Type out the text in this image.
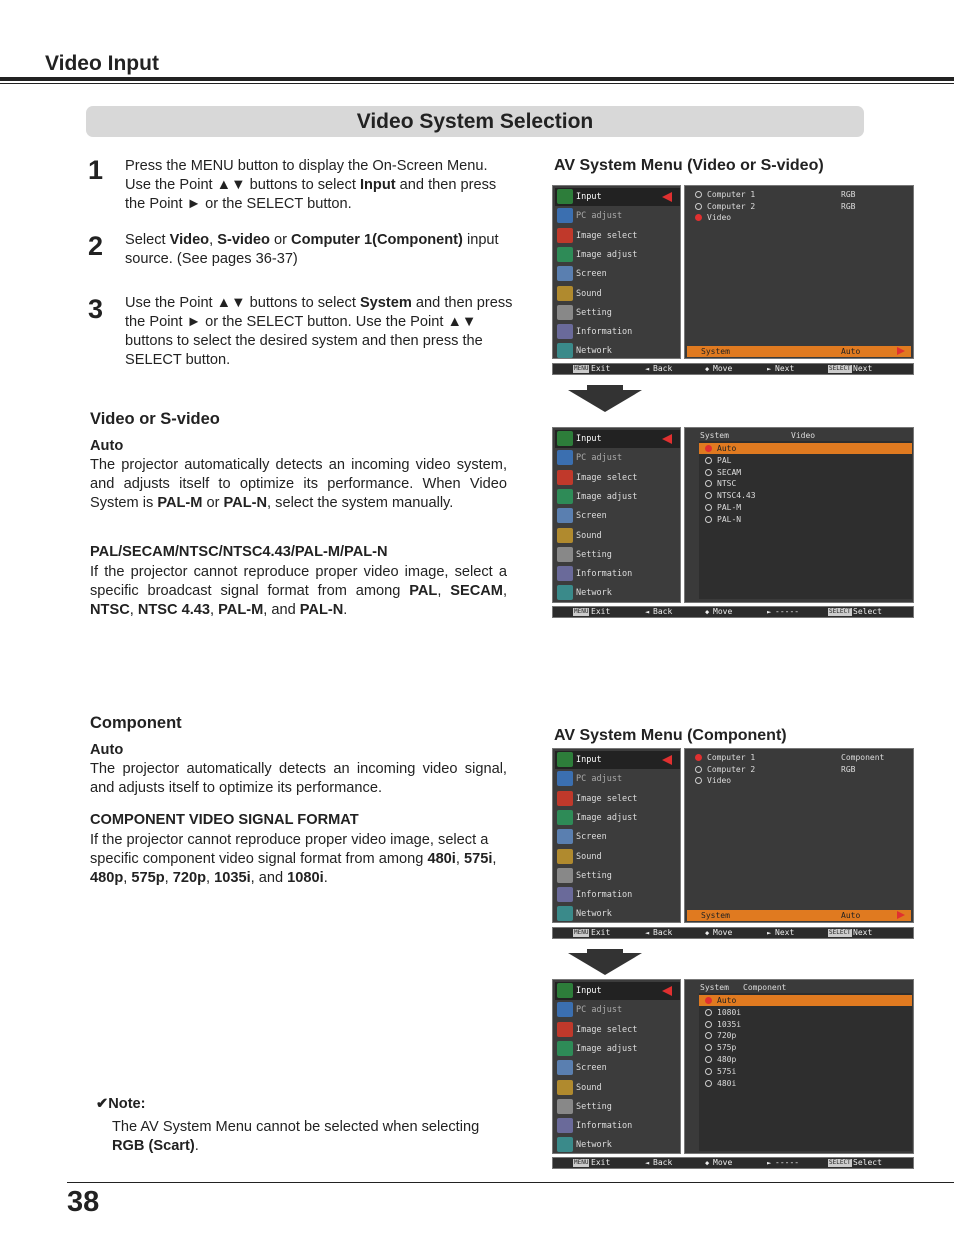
Video Input
Video System Selection
1 Press the MENU button to display the On-Screen Menu. Use the Point ▲▼ buttons to select Input and then press the Point ► or the SELECT button.
2 Select Video, S-video or Computer 1(Component) input source. (See pages 36-37)
3 Use the Point ▲▼ buttons to select System and then press the Point ► or the SELECT button. Use the Point ▲▼ buttons to select the desired system and then press the SELECT button.
Video or S-video
Auto
The projector automatically detects an incoming video system, and adjusts itself to optimize its performance. When Video System is PAL-M or PAL-N, select the system manually.
PAL/SECAM/NTSC/NTSC4.43/PAL-M/PAL-N
If the projector cannot reproduce proper video image, select a specific broadcast signal format from among PAL, SECAM, NTSC, NTSC 4.43, PAL-M, and PAL-N.
Component
Auto
The projector automatically detects an incoming video signal, and adjusts itself to optimize its performance.
COMPONENT VIDEO SIGNAL FORMAT
If the projector cannot reproduce proper video image, select a specific component video signal format from among 480i, 575i, 480p, 575p, 720p, 1035i, and 1080i.
AV System Menu (Video or S-video)
AV System Menu (Component)
Input
PC adjust
Image select
Image adjust
Screen
Sound
Setting
Information
Network
Computer 1	RGB
Computer 2	RGB
Video
System	Auto
Exit	Back	Move	Next	Next
MENU	SELECT
◄	◆	►
Input
PC adjust
Image select
Image adjust
Screen
Sound
Setting
Information
Network
System	Video
Auto
PAL
SECAM
NTSC
NTSC4.43
PAL-M
PAL-N
Exit	Back	Move	-----	Select
MENU	SELECT
◄	◆	►
Input
PC adjust
Image select
Image adjust
Screen
Sound
Setting
Information
Network
Computer 1	Component
Computer 2	RGB
Video
System	Auto
Exit	Back	Move	Next	Next
MENU	SELECT
◄	◆	►
Input
PC adjust
Image select
Image adjust
Screen
Sound
Setting
Information
Network
System Component
Auto
1080i
1035i
720p
575p
480p
575i
480i
Exit	Back	Move	-----	Select
MENU	SELECT
◄	◆	►
✔Note:
The AV System Menu cannot be selected when selecting RGB (Scart).
38
